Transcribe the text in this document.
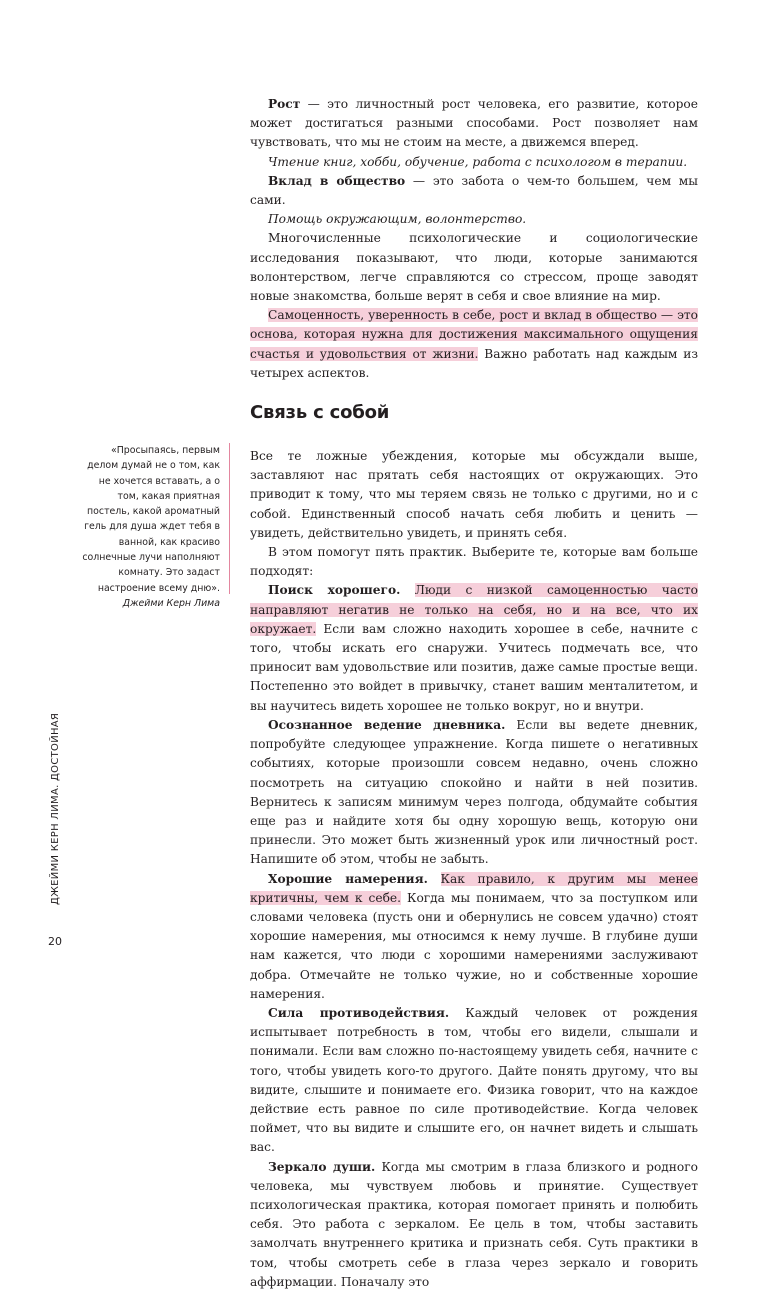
Рост — это личностный рост человека, его развитие, которое может достигаться разными способами. Рост позволяет нам чувствовать, что мы не стоим на месте, а движемся вперед.

Чтение книг, хобби, обучение, работа с психологом в терапии.

Вклад в общество — это забота о чем-то большем, чем мы сами.

Помощь окружающим, волонтерство.

Многочисленные психологические и социологические исследования показывают, что люди, которые занимаются волонтерством, легче справляются со стрессом, проще заводят новые знакомства, больше верят в себя и свое влияние на мир.

Самоценность, уверенность в себе, рост и вклад в общество — это основа, которая нужна для достижения максимального ощущения счастья и удовольствия от жизни. Важно работать над каждым из четырех аспектов.

Связь с собой

Все те ложные убеждения, которые мы обсуждали выше, заставляют нас прятать себя настоящих от окружающих. Это приводит к тому, что мы теряем связь не только с другими, но и с собой. Единственный способ начать себя любить и ценить — увидеть, действительно увидеть, и принять себя.

В этом помогут пять практик. Выберите те, которые вам больше подходят:

Поиск хорошего. Люди с низкой самоценностью часто направляют негатив не только на себя, но и на все, что их окружает. Если вам сложно находить хорошее в себе, начните с того, чтобы искать его снаружи. Учитесь подмечать все, что приносит вам удовольствие или позитив, даже самые простые вещи. Постепенно это войдет в привычку, станет вашим менталитетом, и вы научитесь видеть хорошее не только вокруг, но и внутри.

Осознанное ведение дневника. Если вы ведете дневник, попробуйте следующее упражнение. Когда пишете о негативных событиях, которые произошли совсем недавно, очень сложно посмотреть на ситуацию спокойно и найти в ней позитив. Вернитесь к записям минимум через полгода, обдумайте события еще раз и найдите хотя бы одну хорошую вещь, которую они принесли. Это может быть жизненный урок или личностный рост. Напишите об этом, чтобы не забыть.

Хорошие намерения. Как правило, к другим мы менее критичны, чем к себе. Когда мы понимаем, что за поступком или словами человека (пусть они и обернулись не совсем удачно) стоят хорошие намерения, мы относимся к нему лучше. В глубине души нам кажется, что люди с хорошими намерениями заслуживают добра. Отмечайте не только чужие, но и собственные хорошие намерения.

Сила противодействия. Каждый человек от рождения испытывает потребность в том, чтобы его видели, слышали и понимали. Если вам сложно по-настоящему увидеть себя, начните с того, чтобы увидеть кого-то другого. Дайте понять другому, что вы видите, слышите и понимаете его. Физика говорит, что на каждое действие есть равное по силе противодействие. Когда человек поймет, что вы видите и слышите его, он начнет видеть и слышать вас.

Зеркало души. Когда мы смотрим в глаза близкого и родного человека, мы чувствуем любовь и принятие. Существует психологическая практика, которая помогает принять и полюбить себя. Это работа с зеркалом. Ее цель в том, чтобы заставить замолчать внутреннего критика и признать себя. Суть практики в том, чтобы смотреть себе в глаза через зеркало и говорить аффирмации. Поначалу это

«Просыпаясь, первым делом думай не о том, как не хочется вставать, а о том, какая приятная постель, какой ароматный гель для душа ждет тебя в ванной, как красиво солнечные лучи наполняют комнату. Это задаст настроение всему дню».
Джейми Керн Лима
ДЖЕЙМИ КЕРН ЛИМА. ДОСТОЙНАЯ
20
